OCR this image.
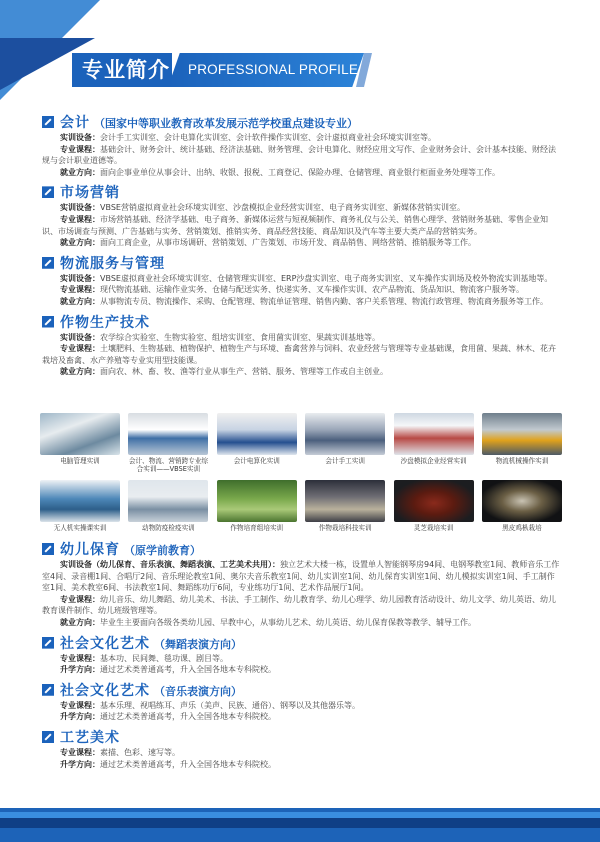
专业简介 PROFESSIONAL PROFILE
会计 （国家中等职业教育改革发展示范学校重点建设专业）
实训设备：会计手工实训室、会计电算化实训室、会计软件操作实训室、会计虚拟商业社会环境实训室等。
专业课程：基础会计、财务会计、统计基础、经济法基础、财务管理、会计电算化、财经应用文写作、企业财务会计、会计基本技能、财经法规与会计职业道德等。
就业方向：面向企事业单位从事会计、出纳、收银、报税、工商登记、保险办理、仓储管理、商业银行柜面业务处理等工作。
市场营销
实训设备：VBSE营销虚拟商业社会环境实训室、沙盘模拟企业经营实训室、电子商务实训室、新媒体营销实训室。
专业课程：市场营销基础、经济学基础、电子商务、新媒体运营与短视频制作、商务礼仪与公关、销售心理学、营销财务基础、零售企业知识、市场调查与预测、广告基础与实务、营销策划、推销实务、商品经营技能、商品知识及汽车等主要大类产品的营销实务。
就业方向：面向工商企业，从事市场调研、营销策划、广告策划、市场开发、商品销售、网络营销、推销服务等工作。
物流服务与管理
实训设备：VBSE虚拟商业社会环境实训室、仓储管理实训室、ERP沙盘实训室、电子商务实训室、叉车操作实训场及校外物流实训基地等。
专业课程：现代物流基础、运输作业实务、仓储与配送实务、快递实务、叉车操作实训、农产品物流、货品知识、物流客户服务等。
就业方向：从事物流专员、物流操作、采购、仓配管理、物流单证管理、销售内勤、客户关系管理、物流行政管理、物流商务服务等工作。
作物生产技术
实训设备：农学综合实验室、生物实验室、组培实训室、食用菌实训室、果蔬实训基地等。
专业课程：土壤肥料、生物基础、植物保护、植物生产与环境、畜禽营养与饲料、农业经营与管理等专业基础课，食用菌、果蔬、林木、花卉栽培及畜禽、水产养殖等专业实用型技能课。
就业方向：面向农、林、畜、牧、渔等行业从事生产、营销、服务、管理等工作或自主创业。
电脑管理实训	会计、物流、营销跨专业综合实训——VBSE实训
会计电算化实训	会计手工实训	沙盘模拟企业经营实训	物流机械操作实训
无人机实操课实训	动物防疫检疫实训	作物培育组培实训	作物栽培科技实训	灵芝栽培实训	黑皮鸡枞栽培
幼儿保育 （原学前教育）
实训设备（幼儿保育、音乐表演、舞蹈表演、工艺美术共用）：独立艺术大楼一栋，设置单人智能钢琴房94间、电钢琴教室1间、教师音乐工作室4间、录音棚1间、合唱厅2间、音乐理论教室1间、奥尔夫音乐教室1间、幼儿实训室1间、幼儿保育实训室1间、幼儿模拟实训室1间、手工制作室1间、美术教室6间、书法教室1间、舞蹈练功厅6间，专业练功厅1间、艺术作品展厅1间。
专业课程：幼儿音乐、幼儿舞蹈、幼儿美术、书法、手工制作、幼儿教育学、幼儿心理学、幼儿园教育活动设计、幼儿文学、幼儿英语、幼儿教育课件制作、幼儿班级管理等。
就业方向：毕业生主要面向各级各类幼儿园、早教中心，从事幼儿艺术、幼儿英语、幼儿保育保教等教学、辅导工作。
社会文化艺术 （舞蹈表演方向）
专业课程：基本功、民间舞、毯功课、剧目等。
升学方向：通过艺术类普通高考，升入全国各地本专科院校。
社会文化艺术 （音乐表演方向）
专业课程：基本乐理、视唱练耳、声乐（美声、民族、通俗）、钢琴以及其他器乐等。
升学方向：通过艺术类普通高考，升入全国各地本专科院校。
工艺美术
专业课程：素描、色彩、速写等。
升学方向：通过艺术类普通高考，升入全国各地本专科院校。
